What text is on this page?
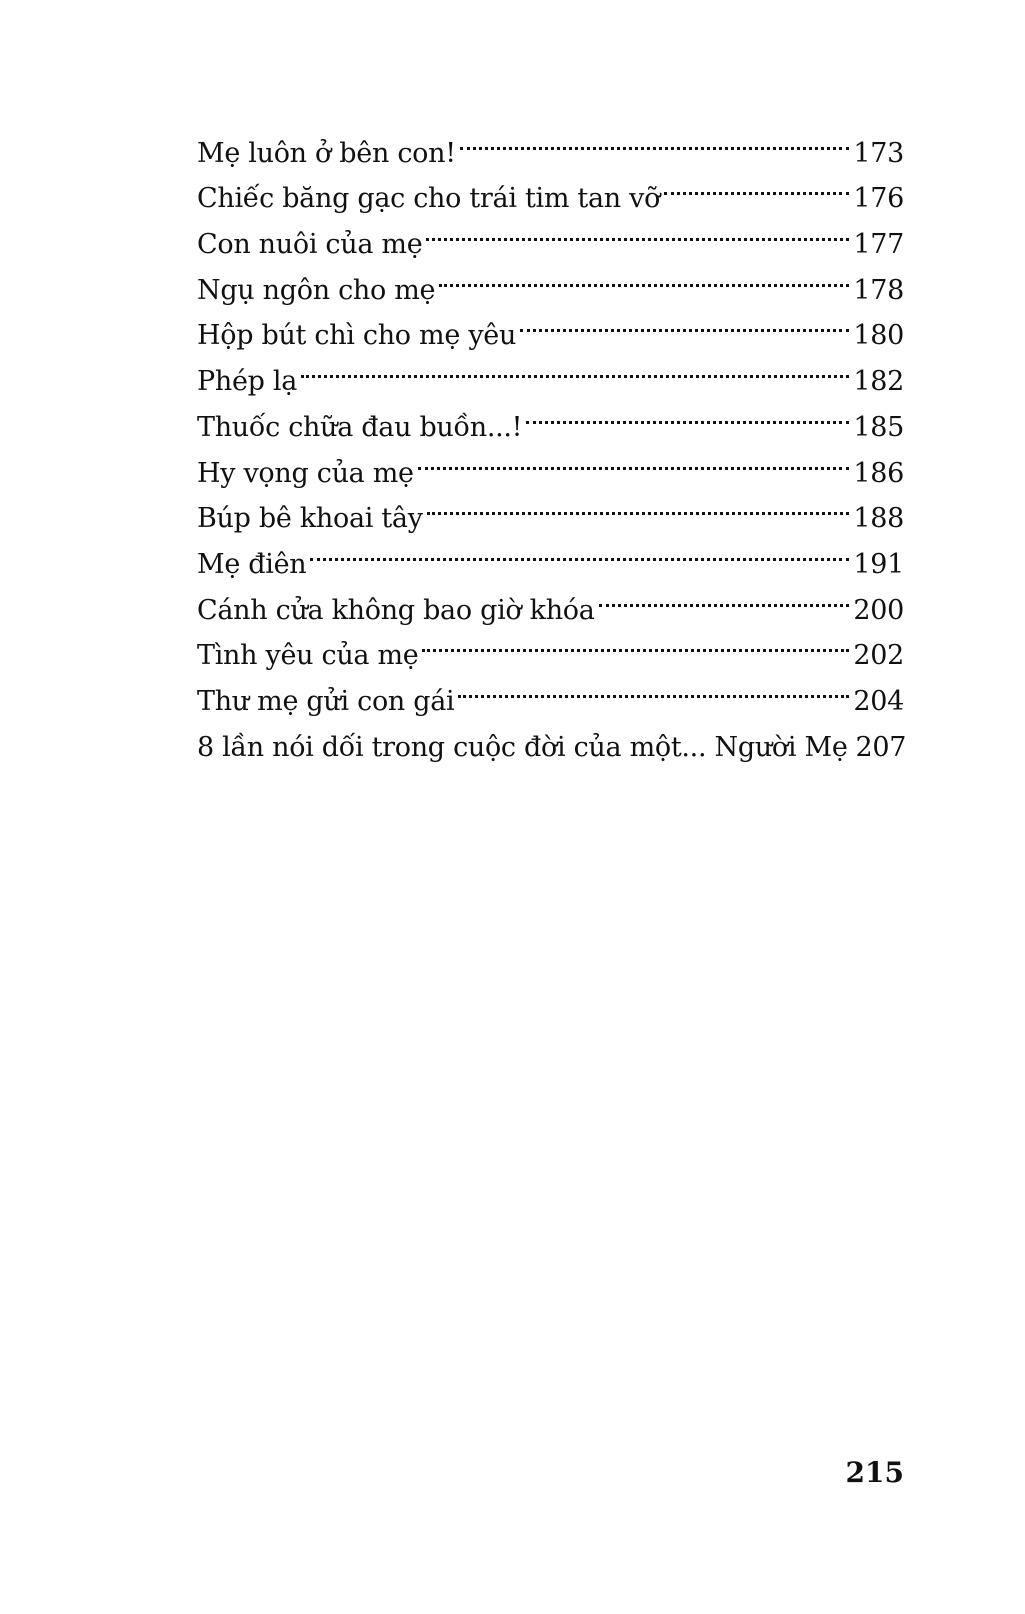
Mẹ luôn ở bên con!	173
Chiếc băng gạc cho trái tim tan vỡ	176
Con nuôi của mẹ	177
Ngụ ngôn cho mẹ	178
Hộp bút chì cho mẹ yêu	180
Phép lạ	182
Thuốc chữa đau buồn...!	185
Hy vọng của mẹ	186
Búp bê khoai tây	188
Mẹ điên	191
Cánh cửa không bao giờ khóa	200
Tình yêu của mẹ	202
Thư mẹ gửi con gái	204
8 lần nói dối trong cuộc đời của một... Người Mẹ 207
215
